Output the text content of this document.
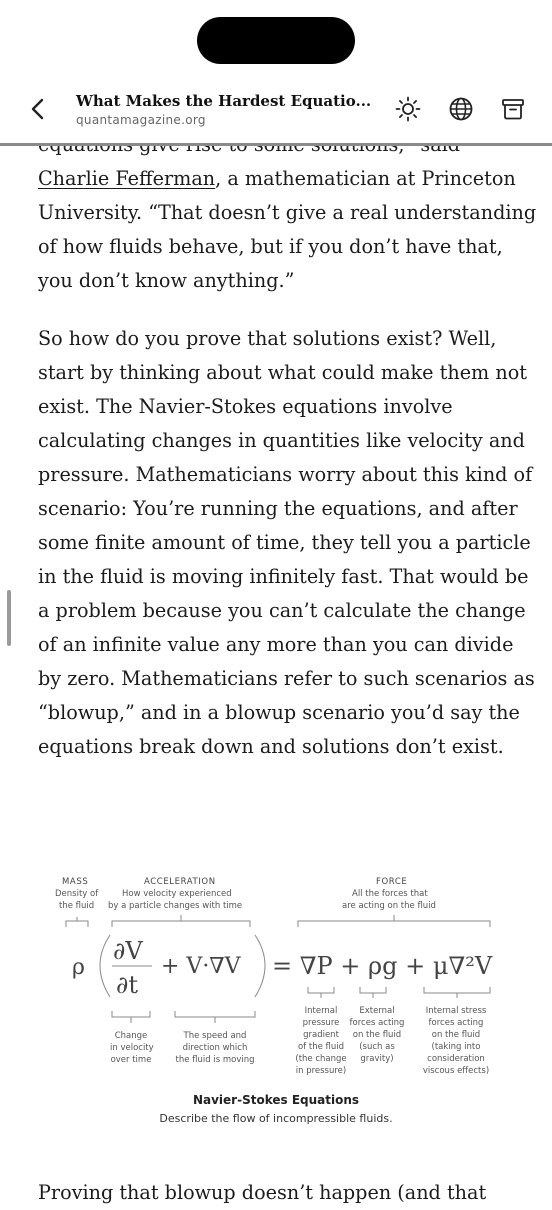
Charlie Fefferman, a mathematician at Princeton University. “That doesn’t give a real understanding of how fluids behave, but if you don’t have that, you don’t know anything.”

So how do you prove that solutions exist? Well, start by thinking about what could make them not exist. The Navier-Stokes equations involve calculating changes in quantities like velocity and pressure. Mathematicians worry about this kind of scenario: You’re running the equations, and after some finite amount of time, they tell you a particle in the fluid is moving infinitely fast. That would be a problem because you can’t calculate the change of an infinite value any more than you can divide by zero. Mathematicians refer to such scenarios as “blowup,” and in a blowup scenario you’d say the equations break down and solutions don’t exist.

What Makes the Hardest Equatio...
quantamagazine.org
MASS
Density of
the fluid
ACCELERATION
How velocity experienced
by a particle changes with time
FORCE
All the forces that
are acting on the fluid
ρ
∂V
∂t
+ V·∇V = ∇P + ρg + μ∇²V
Change
in velocity
over time
The speed and
direction which
the fluid is moving
Internal
pressure
gradient
of the fluid
(the change
in pressure)
External
forces acting
on the fluid
(such as
gravity)
Internal stress
forces acting
on the fluid
(taking into
consideration
viscous effects)
Navier-Stokes Equations
Describe the flow of incompressible fluids.
Proving that blowup doesn’t happen (and that
